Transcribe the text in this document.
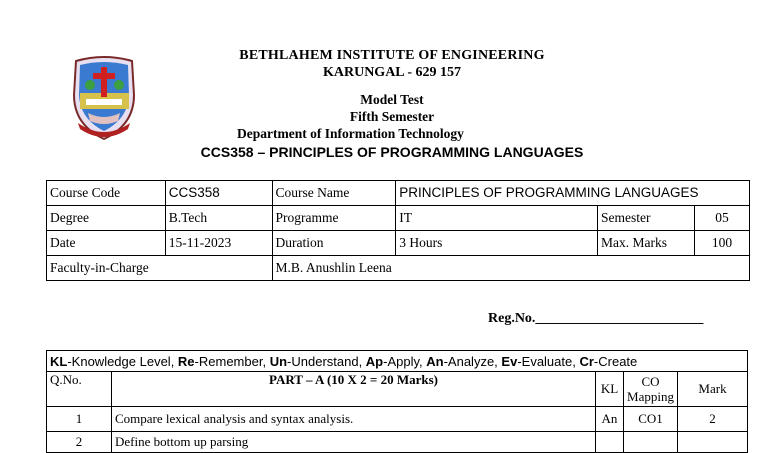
BETHLAHEM INSTITUTE OF ENGINEERING
KARUNGAL - 629 157
Model Test
Fifth Semester
Department of Information Technology
CCS358 – PRINCIPLES OF PROGRAMMING LANGUAGES
Course Code	CCS358	Course Name	PRINCIPLES OF PROGRAMMING LANGUAGES		
Degree	B.Tech	Programme	IT	Semester	05
Date	15-11-2023	Duration	3 Hours	Max. Marks	100
Faculty-in-Charge		M.B. Anushlin Leena			
Reg.No.________________________
KL-Knowledge Level, Re-Remember, Un-Understand, Ap-Apply, An-Analyze, Ev-Evaluate, Cr-Create				
Q.No.	PART – A (10 X 2 = 20 Marks)	KL	CO Mapping	Mark
1	Compare lexical analysis and syntax analysis.	An	CO1	2
2	Define bottom up parsing			
